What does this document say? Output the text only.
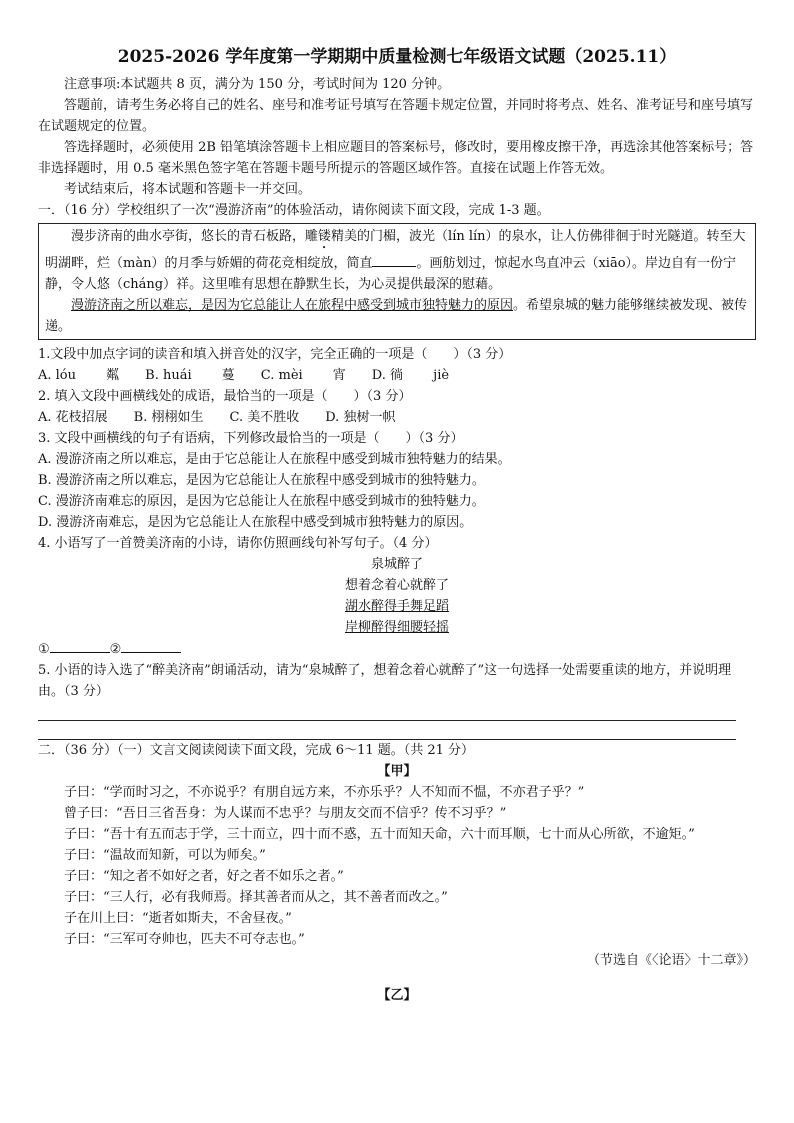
2025-2026 学年度第一学期期中质量检测七年级语文试题（2025.11）

注意事项:本试题共 8 页，满分为 150 分，考试时间为 120 分钟。

答题前，请考生务必将自己的姓名、座号和准考证号填写在答题卡规定位置，并同时将考点、姓名、准考证号和座号填写在试题规定的位置。

答选择题时，必须使用 2B 铅笔填涂答题卡上相应题目的答案标号，修改时，要用橡皮擦干净，再选涂其他答案标号；答非选择题时，用 0.5 毫米黑色签字笔在答题卡题号所提示的答题区域作答。直接在试题上作答无效。

考试结束后，将本试题和答题卡一并交回。

一．（16 分）学校组织了一次“漫游济南”的体验活动，请你阅读下面文段，完成 1-3 题。

漫步济南的曲水亭街，悠长的青石板路，雕镂精美的门楣，波光（lín lín）的泉水，让人仿佛徘徊于时光隧道。转至大明湖畔，烂（màn）的月季与娇媚的荷花竞相绽放，简直	。画舫划过，惊起水鸟直冲云（xiāo）。岸边自有一份宁静，令人悠（cháng）祥。这里唯有思想在静默生长，为心灵提供最深的慰藉。

漫游济南之所以难忘，是因为它总能让人在旅程中感受到城市独特魅力的原因。希望泉城的魅力能够继续被发现、被传递。

1.文段中加点字词的读音和填入拼音处的汉字，完全正确的一项是（　　）（3 分）

A. lóu　　 粼　　B. huái　　 蔓　　C. mèi　　 宵　　D. 徜　　 jiè

2. 填入文段中画横线处的成语，最恰当的一项是（　　）（3 分）

A. 花枝招展　　B. 栩栩如生　　C. 美不胜收　　D. 独树一帜

3. 文段中画横线的句子有语病，下列修改最恰当的一项是（　　）（3 分）

A. 漫游济南之所以难忘，是由于它总能让人在旅程中感受到城市独特魅力的结果。

B. 漫游济南之所以难忘，是因为它总能让人在旅程中感受到城市的独特魅力。

C. 漫游济南难忘的原因，是因为它总能让人在旅程中感受到城市的独特魅力。

D. 漫游济南难忘，是因为它总能让人在旅程中感受到城市独特魅力的原因。

4. 小语写了一首赞美济南的小诗，请你仿照画线句补写句子。（4 分）

泉城醉了

想着念着心就醉了

湖水醉得手舞足蹈

岸柳醉得细腰轻摇

①	②

5. 小语的诗入选了“醉美济南”朗诵活动，请为“泉城醉了，想着念着心就醉了”这一句选择一处需要重读的地方，并说明理由。（3 分）

二．（36 分）（一）文言文阅读阅读下面文段，完成 6～11 题。（共 21 分）

【甲】

子曰：“学而时习之，不亦说乎？有朋自远方来，不亦乐乎？人不知而不愠，不亦君子乎？”

曾子曰：“吾日三省吾身：为人谋而不忠乎？与朋友交而不信乎？传不习乎？”

子曰：“吾十有五而志于学，三十而立，四十而不惑，五十而知天命，六十而耳顺，七十而从心所欲，不逾矩。”

子曰：“温故而知新，可以为师矣。”

子曰：“知之者不如好之者，好之者不如乐之者。”

子曰：“三人行，必有我师焉。择其善者而从之，其不善者而改之。”

子在川上曰：“逝者如斯夫，不舍昼夜。”

子曰：“三军可夺帅也，匹夫不可夺志也。”

（节选自《〈论语〉十二章》）

【乙】
